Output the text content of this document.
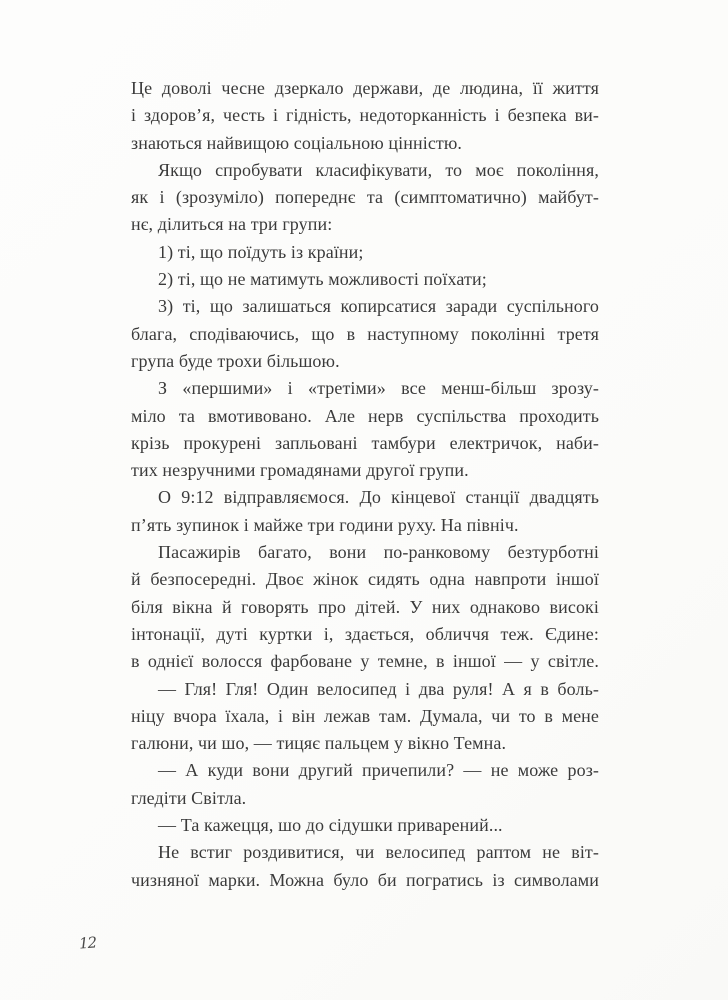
Це доволі чесне дзеркало держави, де людина, її життя
і здоров’я, честь і гідність, недоторканність і безпека ви-
знаються найвищою соціальною цінністю.
Якщо спробувати класифікувати, то моє покоління,
як і (зрозуміло) попереднє та (симптоматично) майбут-
нє, ділиться на три групи:
1) ті, що поїдуть із країни;
2) ті, що не матимуть можливості поїхати;
3) ті, що залишаться копирсатися заради суспільного
блага, сподіваючись, що в наступному поколінні третя
група буде трохи більшою.
З «першими» і «третіми» все менш-більш зрозу-
міло та вмотивовано. Але нерв суспільства проходить
крізь прокурені запльовані тамбури електричок, наби-
тих незручними громадянами другої групи.
О 9:12 відправляємося. До кінцевої станції двадцять
п’ять зупинок і майже три години руху. На північ.
Пасажирів багато, вони по-ранковому безтурботні
й безпосередні. Двоє жінок сидять одна навпроти іншої
біля вікна й говорять про дітей. У них однаково високі
інтонації, дуті куртки і, здається, обличчя теж. Єдине:
в однієї волосся фарбоване у темне, в іншої — у світле.
— Гля! Гля! Один велосипед і два руля! А я в боль-
ніцу вчора їхала, і він лежав там. Думала, чи то в мене
галюни, чи шо, — тицяє пальцем у вікно Темна.
— А куди вони другий причепили? — не може роз-
гледіти Світла.
— Та кажецця, шо до сідушки приварений...
Не встиг роздивитися, чи велосипед раптом не віт-
чизняної марки. Можна було би погратись із символами
12
